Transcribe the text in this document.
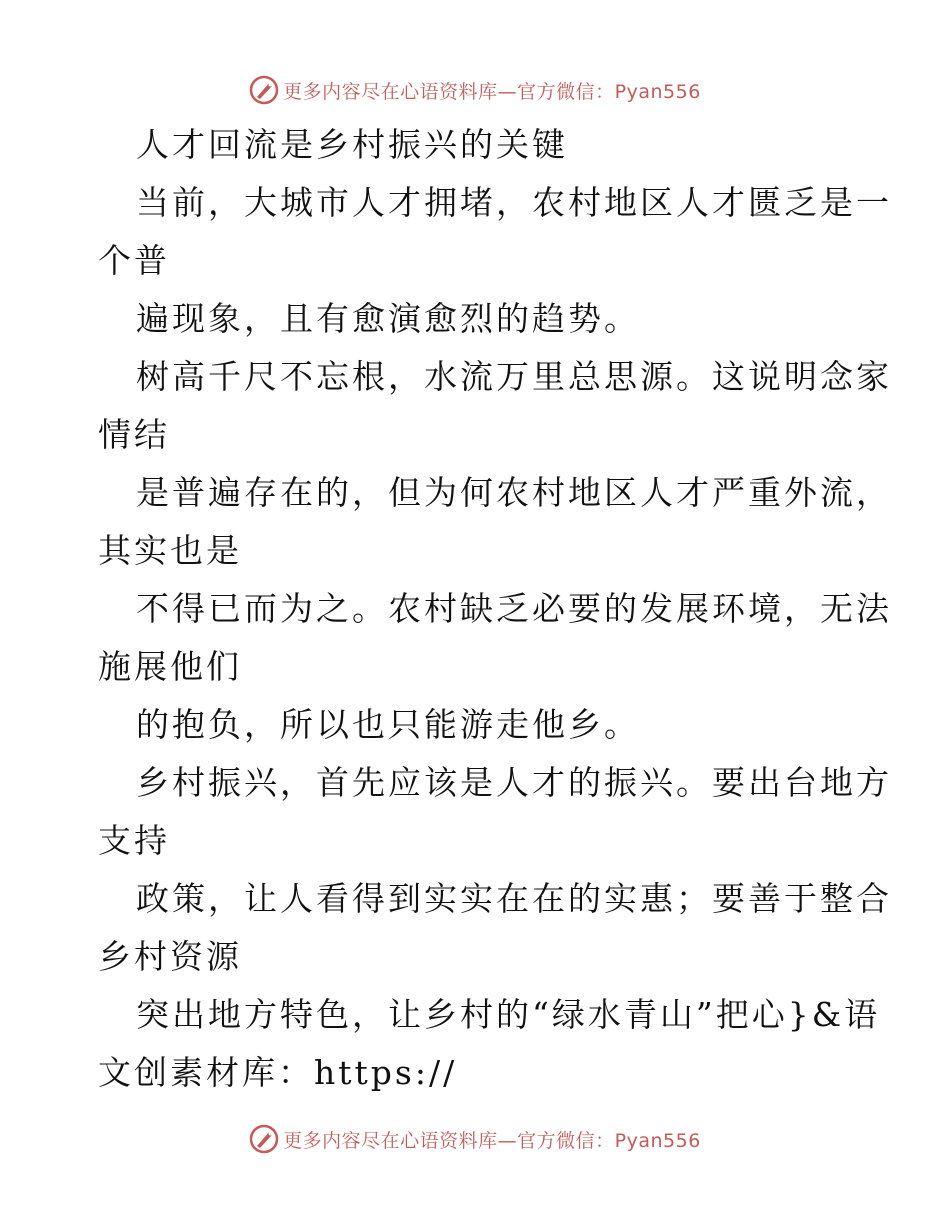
更多内容尽在心语资料库—官方微信：Pyan556
人才回流是乡村振兴的关键
当前，大城市人才拥堵，农村地区人才匮乏是一
个普
遍现象，且有愈演愈烈的趋势。
树高千尺不忘根，水流万里总思源。这说明念家
情结
是普遍存在的，但为何农村地区人才严重外流，
其实也是
不得已而为之。农村缺乏必要的发展环境，无法
施展他们
的抱负，所以也只能游走他乡。
乡村振兴，首先应该是人才的振兴。要出台地方
支持
政策，让人看得到实实在在的实惠；要善于整合
乡村资源
突出地方特色，让乡村的“绿水青山”把心}&语
文创素材库：https://
更多内容尽在心语资料库—官方微信：Pyan556
